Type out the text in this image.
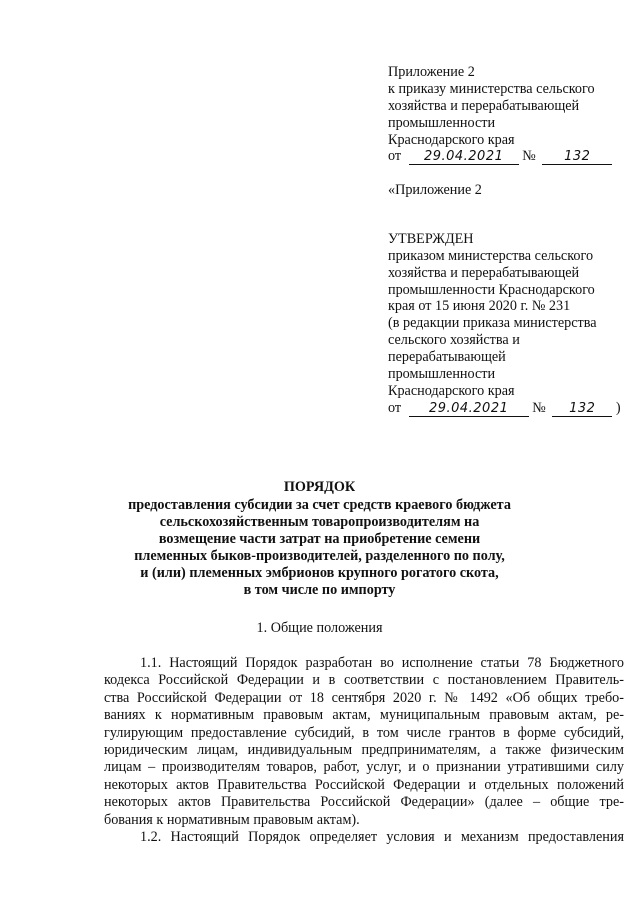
Приложение 2
к приказу министерства сельского
хозяйства и перерабатывающей
промышленности
Краснодарского края
от 29.04.2021 № 132
«Приложение 2
УТВЕРЖДЕН
приказом министерства сельского
хозяйства и перерабатывающей
промышленности Краснодарского
края от 15 июня 2020 г. № 231
(в редакции приказа министерства
сельского хозяйства и
перерабатывающей
промышленности
Краснодарского края
от 29.04.2021 № 132 )
ПОРЯДОК
предоставления субсидии за счет средств краевого бюджета
сельскохозяйственным товаропроизводителям на
возмещение части затрат на приобретение семени
племенных быков-производителей, разделенного по полу,
и (или) племенных эмбрионов крупного рогатого скота,
в том числе по импорту
1. Общие положения
1.1. Настоящий Порядок разработан во исполнение статьи 78 Бюджетного
кодекса Российской Федерации и в соответствии с постановлением Правитель-
ства Российской Федерации от 18 сентября 2020 г. № 1492 «Об общих требо-
ваниях к нормативным правовым актам, муниципальным правовым актам, ре-
гулирующим предоставление субсидий, в том числе грантов в форме субсидий,
юридическим лицам, индивидуальным предпринимателям, а также физическим
лицам – производителям товаров, работ, услуг, и о признании утратившими силу
некоторых актов Правительства Российской Федерации и отдельных положений
некоторых актов Правительства Российской Федерации» (далее – общие тре-
бования к нормативным правовым актам).
1.2. Настоящий Порядок определяет условия и механизм предоставления
